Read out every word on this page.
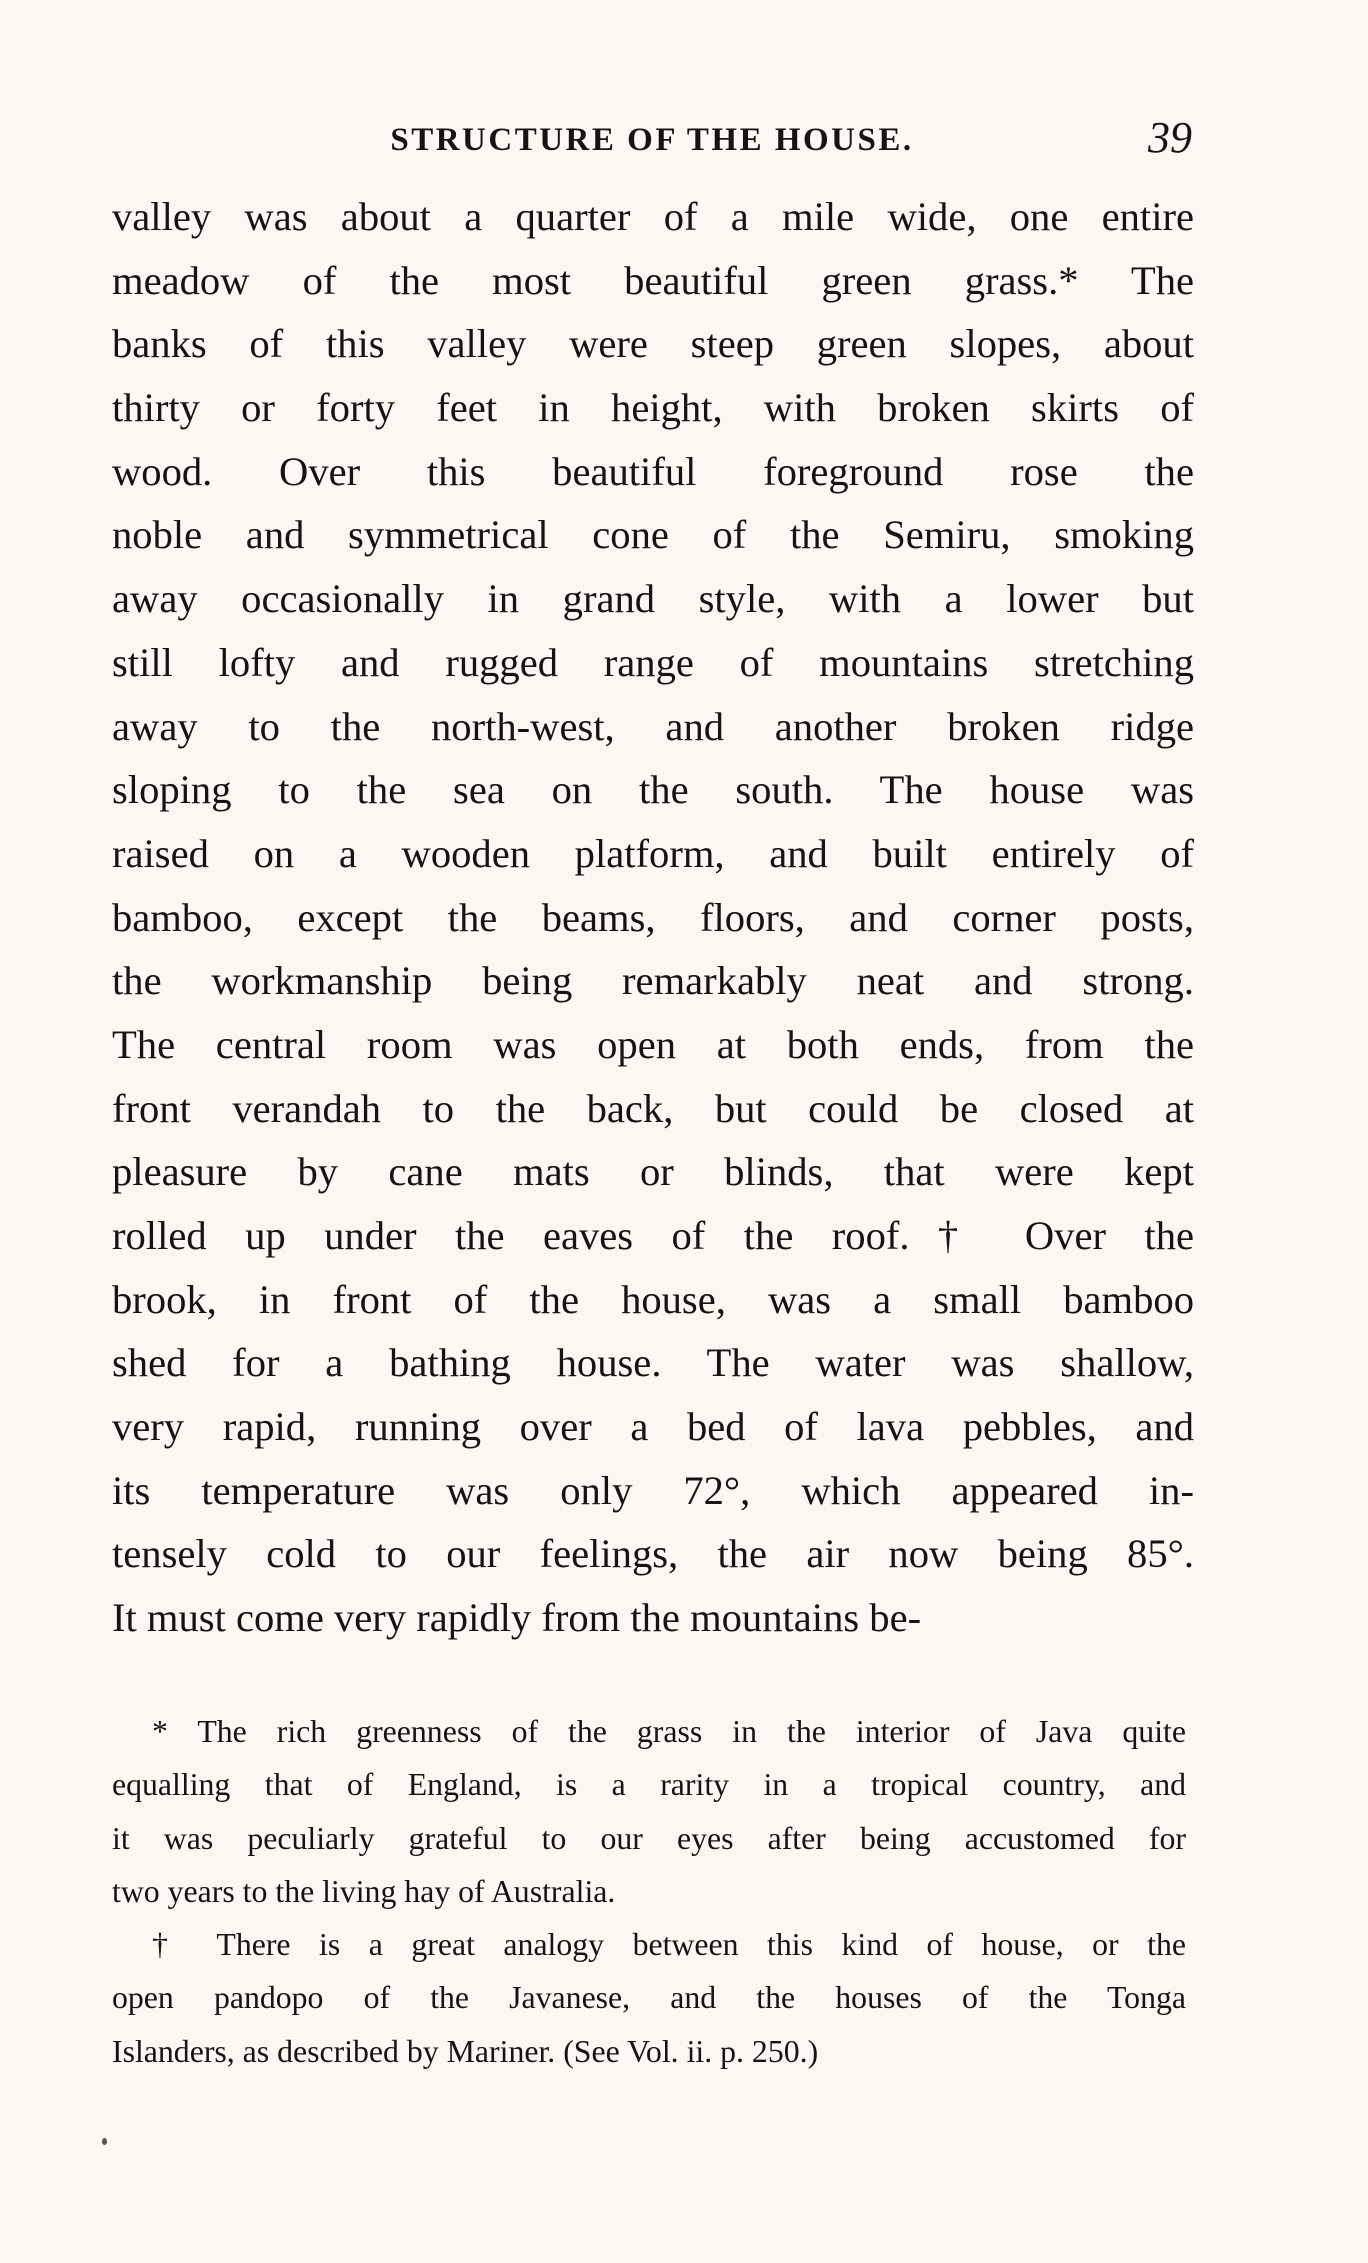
STRUCTURE OF THE HOUSE.	39
valley was about a quarter of a mile wide, one entire
meadow of the most beautiful green grass.* The
banks of this valley were steep green slopes, about
thirty or forty feet in height, with broken skirts of
wood. Over this beautiful foreground rose the
noble and symmetrical cone of the Semiru, smoking
away occasionally in grand style, with a lower but
still lofty and rugged range of mountains stretching
away to the north-west, and another broken ridge
sloping to the sea on the south. The house was
raised on a wooden platform, and built entirely of
bamboo, except the beams, floors, and corner posts,
the workmanship being remarkably neat and strong.
The central room was open at both ends, from the
front verandah to the back, but could be closed at
pleasure by cane mats or blinds, that were kept
rolled up under the eaves of the roof.† Over the
brook, in front of the house, was a small bamboo
shed for a bathing house. The water was shallow,
very rapid, running over a bed of lava pebbles, and
its temperature was only 72°, which appeared in-
tensely cold to our feelings, the air now being 85°.
It must come very rapidly from the mountains be-
* The rich greenness of the grass in the interior of Java quite
equalling that of England, is a rarity in a tropical country, and
it was peculiarly grateful to our eyes after being accustomed for
two years to the living hay of Australia.
† There is a great analogy between this kind of house, or the
open pandopo of the Javanese, and the houses of the Tonga
Islanders, as described by Mariner. (See Vol. ii. p. 250.)
